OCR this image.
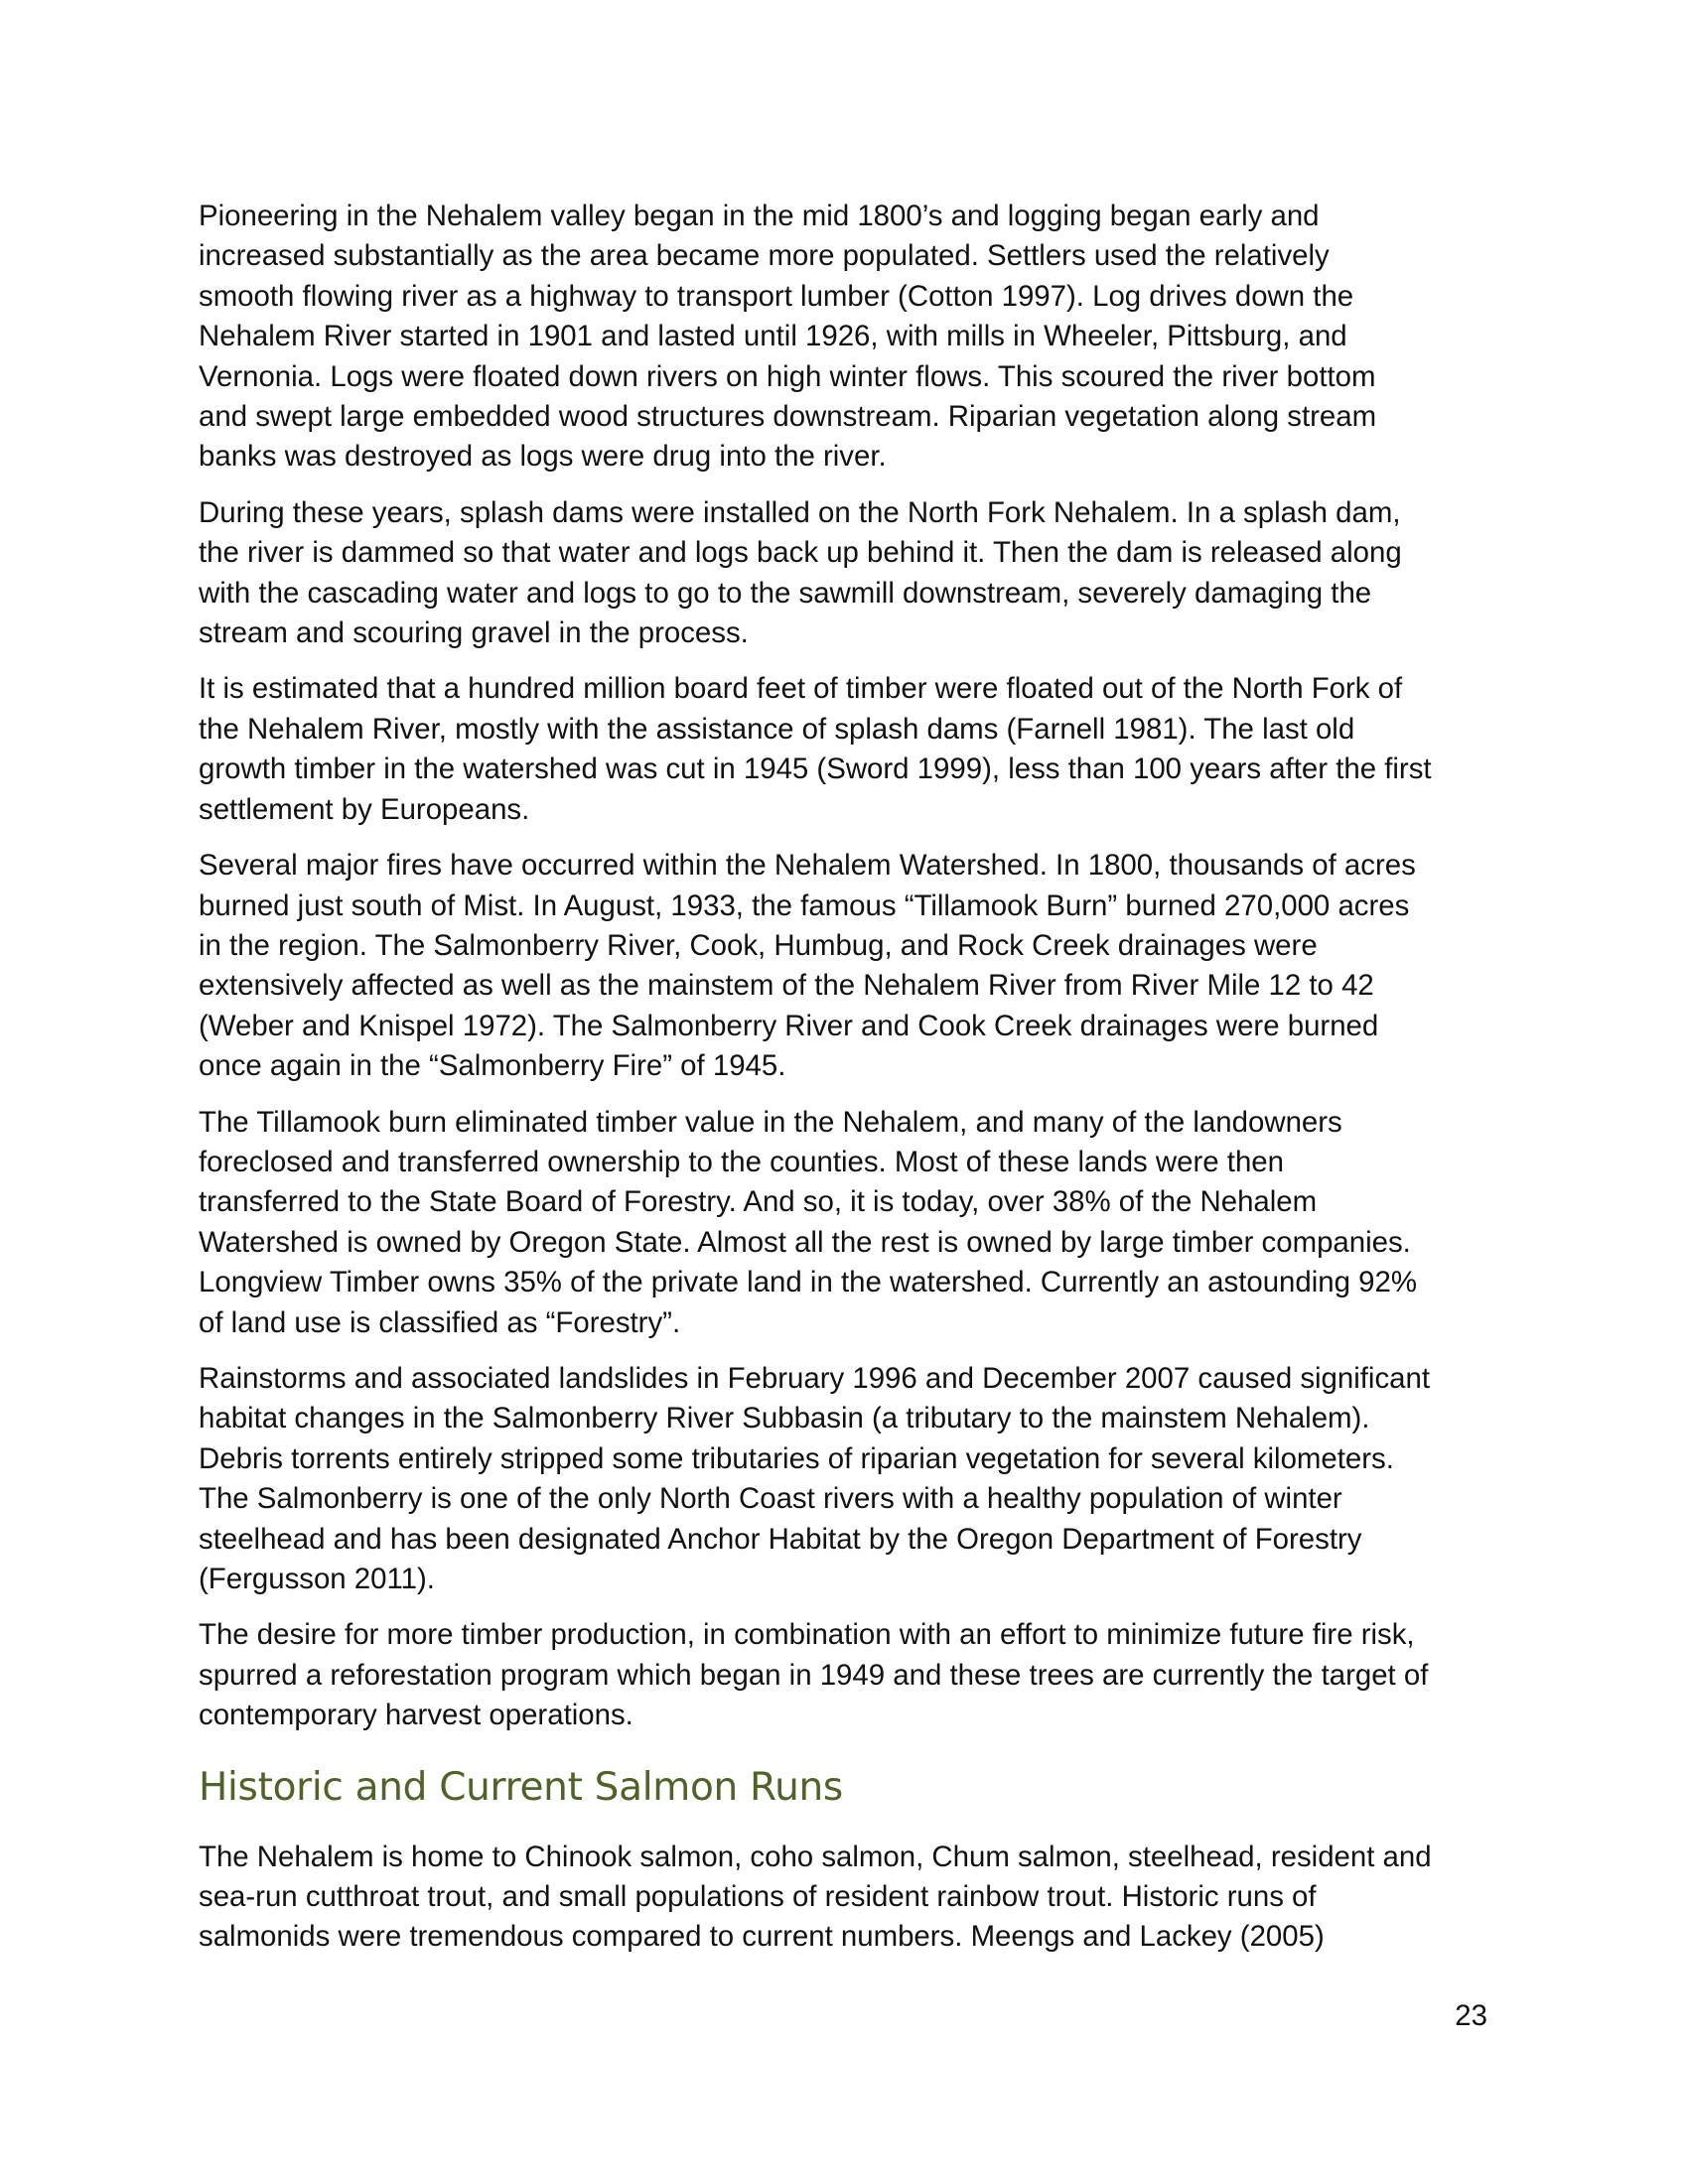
Pioneering in the Nehalem valley began in the mid 1800’s and logging began early and
increased substantially as the area became more populated. Settlers used the relatively
smooth flowing river as a highway to transport lumber (Cotton 1997). Log drives down the
Nehalem River started in 1901 and lasted until 1926, with mills in Wheeler, Pittsburg, and
Vernonia. Logs were floated down rivers on high winter flows. This scoured the river bottom
and swept large embedded wood structures downstream. Riparian vegetation along stream
banks was destroyed as logs were drug into the river.

During these years, splash dams were installed on the North Fork Nehalem. In a splash dam,
the river is dammed so that water and logs back up behind it. Then the dam is released along
with the cascading water and logs to go to the sawmill downstream, severely damaging the
stream and scouring gravel in the process.

It is estimated that a hundred million board feet of timber were floated out of the North Fork of
the Nehalem River, mostly with the assistance of splash dams (Farnell 1981). The last old
growth timber in the watershed was cut in 1945 (Sword 1999), less than 100 years after the first
settlement by Europeans.

Several major fires have occurred within the Nehalem Watershed. In 1800, thousands of acres
burned just south of Mist. In August, 1933, the famous “Tillamook Burn” burned 270,000 acres
in the region. The Salmonberry River, Cook, Humbug, and Rock Creek drainages were
extensively affected as well as the mainstem of the Nehalem River from River Mile 12 to 42
(Weber and Knispel 1972). The Salmonberry River and Cook Creek drainages were burned
once again in the “Salmonberry Fire” of 1945.

The Tillamook burn eliminated timber value in the Nehalem, and many of the landowners
foreclosed and transferred ownership to the counties. Most of these lands were then
transferred to the State Board of Forestry. And so, it is today, over 38% of the Nehalem
Watershed is owned by Oregon State. Almost all the rest is owned by large timber companies.
Longview Timber owns 35% of the private land in the watershed. Currently an astounding 92%
of land use is classified as “Forestry”.

Rainstorms and associated landslides in February 1996 and December 2007 caused significant
habitat changes in the Salmonberry River Subbasin (a tributary to the mainstem Nehalem).
Debris torrents entirely stripped some tributaries of riparian vegetation for several kilometers.
The Salmonberry is one of the only North Coast rivers with a healthy population of winter
steelhead and has been designated Anchor Habitat by the Oregon Department of Forestry
(Fergusson 2011).

The desire for more timber production, in combination with an effort to minimize future fire risk,
spurred a reforestation program which began in 1949 and these trees are currently the target of
contemporary harvest operations.

Historic and Current Salmon Runs

The Nehalem is home to Chinook salmon, coho salmon, Chum salmon, steelhead, resident and
sea-run cutthroat trout, and small populations of resident rainbow trout. Historic runs of
salmonids were tremendous compared to current numbers. Meengs and Lackey (2005)

23
